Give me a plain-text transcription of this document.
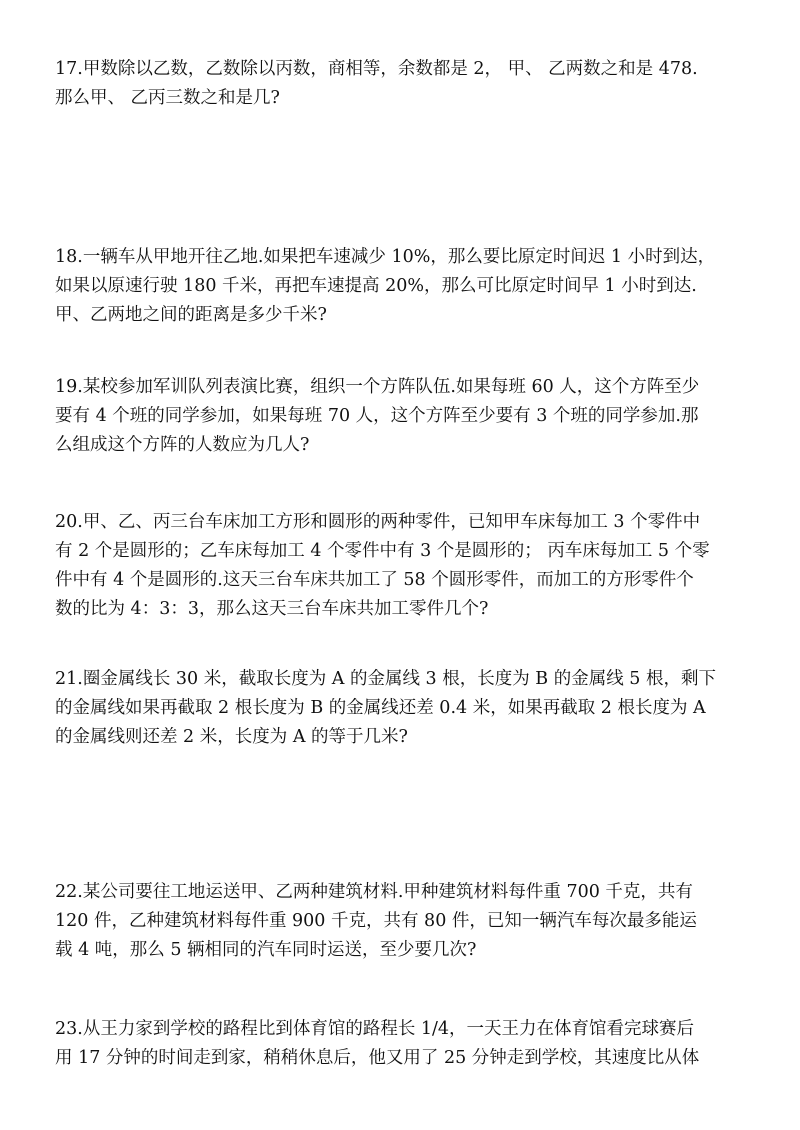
17.甲数除以乙数，乙数除以丙数，商相等，余数都是 2， 甲、 乙两数之和是 478.
那么甲、 乙丙三数之和是几?
18.一辆车从甲地开往乙地.如果把车速减少 10%，那么要比原定时间迟 1 小时到达，
如果以原速行驶 180 千米，再把车速提高 20%，那么可比原定时间早 1 小时到达.
甲、乙两地之间的距离是多少千米?
19.某校参加军训队列表演比赛，组织一个方阵队伍.如果每班 60 人，这个方阵至少
要有 4 个班的同学参加，如果每班 70 人，这个方阵至少要有 3 个班的同学参加.那
么组成这个方阵的人数应为几人?
20.甲、乙、丙三台车床加工方形和圆形的两种零件，已知甲车床每加工 3 个零件中
有 2 个是圆形的；乙车床每加工 4 个零件中有 3 个是圆形的； 丙车床每加工 5 个零
件中有 4 个是圆形的.这天三台车床共加工了 58 个圆形零件，而加工的方形零件个
数的比为 4：3：3，那么这天三台车床共加工零件几个?
21.圈金属线长 30 米，截取长度为 A 的金属线 3 根，长度为 B 的金属线 5 根，剩下
的金属线如果再截取 2 根长度为 B 的金属线还差 0.4 米，如果再截取 2 根长度为 A
的金属线则还差 2 米，长度为 A 的等于几米?
22.某公司要往工地运送甲、乙两种建筑材料.甲种建筑材料每件重 700 千克，共有
120 件，乙种建筑材料每件重 900 千克，共有 80 件，已知一辆汽车每次最多能运
载 4 吨，那么 5 辆相同的汽车同时运送，至少要几次?
23.从王力家到学校的路程比到体育馆的路程长 1/4，一天王力在体育馆看完球赛后
用 17 分钟的时间走到家，稍稍休息后，他又用了 25 分钟走到学校，其速度比从体
